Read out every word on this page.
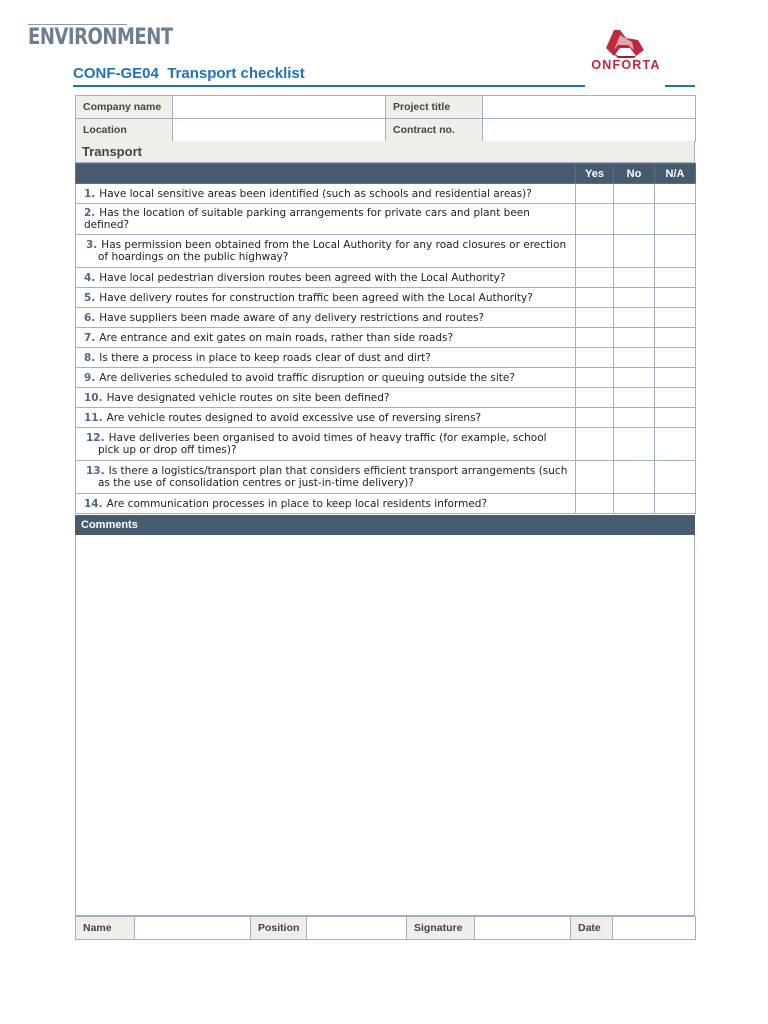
ENVIRONMENT
ONFORTA
CONF-GE04 Transport checklist
Company name		Project title	
Location		Contract no.	
Transport
	Yes	No	N/A
1. Have local sensitive areas been identified (such as schools and residential areas)?			
2. Has the location of suitable parking arrangements for private cars and plant been defined?			
3. Has permission been obtained from the Local Authority for any road closures or erection of hoardings on the public highway?			
4. Have local pedestrian diversion routes been agreed with the Local Authority?			
5. Have delivery routes for construction traffic been agreed with the Local Authority?			
6. Have suppliers been made aware of any delivery restrictions and routes?			
7. Are entrance and exit gates on main roads, rather than side roads?			
8. Is there a process in place to keep roads clear of dust and dirt?			
9. Are deliveries scheduled to avoid traffic disruption or queuing outside the site?			
10. Have designated vehicle routes on site been defined?			
11. Are vehicle routes designed to avoid excessive use of reversing sirens?			
12. Have deliveries been organised to avoid times of heavy traffic (for example, school pick up or drop off times)?			
13. Is there a logistics/transport plan that considers efficient transport arrangements (such as the use of consolidation centres or just-in-time delivery)?			
14. Are communication processes in place to keep local residents informed?			
Comments
Name		Position		Signature		Date	
